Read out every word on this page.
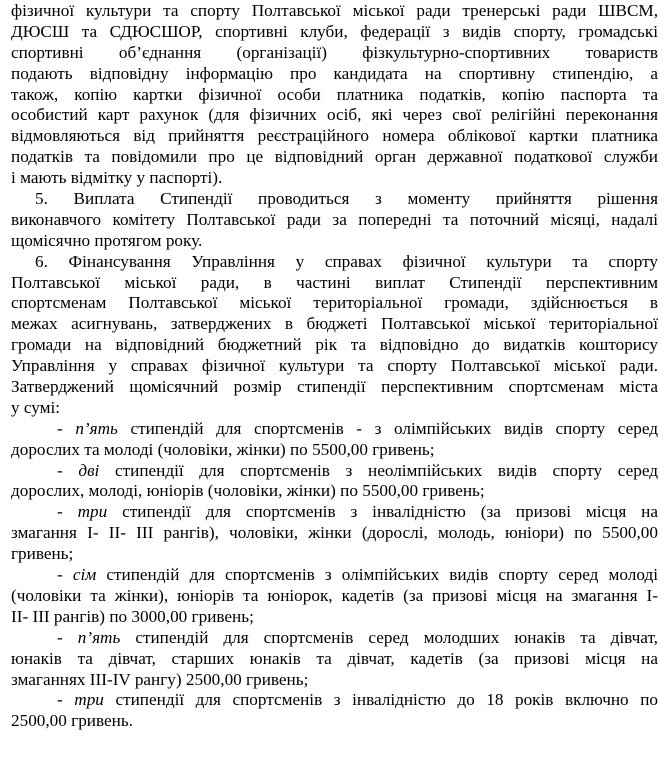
фізичної культури та спорту Полтавської міської ради тренерські ради ШВСМ,
ДЮСШ та СДЮСШОР, спортивні клуби, федерації з видів спорту, громадські
спортивні об’єднання (організації) фізкультурно-спортивних товариств
подають відповідну інформацію про кандидата на спортивну стипендію, а
також, копію картки фізичної особи платника податків, копію паспорта та
особистий карт рахунок (для фізичних осіб, які через свої релігійні переконання
відмовляються від прийняття реєстраційного номера облікової картки платника
податків та повідомили про це відповідний орган державної податкової служби
і мають відмітку у паспорті).
5. Виплата Стипендії проводиться з моменту прийняття рішення
виконавчого комітету Полтавської ради за попередні та поточний місяці, надалі
щомісячно протягом року.
6. Фінансування Управління у справах фізичної культури та спорту
Полтавської міської ради, в частині виплат Стипендії перспективним
спортсменам Полтавської міської територіальної громади, здійснюється в
межах асигнувань, затверджених в бюджеті Полтавської міської територіальної
громади на відповідний бюджетний рік та відповідно до видатків кошторису
Управління у справах фізичної культури та спорту Полтавської міської ради.
Затверджений щомісячний розмір стипендії перспективним спортсменам міста
у сумі:
- п’ять стипендій для спортсменів - з олімпійських видів спорту серед
дорослих та молоді (чоловіки, жінки) по 5500,00 гривень;
- дві стипендії для спортсменів з неолімпійських видів спорту серед
дорослих, молоді, юніорів (чоловіки, жінки) по 5500,00 гривень;
- три стипендії для спортсменів з інвалідністю (за призові місця на
змагання І- ІІ- ІІІ рангів), чоловіки, жінки (дорослі, молодь, юніори) по 5500,00
гривень;
- сім стипендій для спортсменів з олімпійських видів спорту серед молоді
(чоловіки та жінки), юніорів та юніорок, кадетів (за призові місця на змагання І-
ІІ- ІІІ рангів) по 3000,00 гривень;
- п’ять стипендій для спортсменів серед молодших юнаків та дівчат,
юнаків та дівчат, старших юнаків та дівчат, кадетів (за призові місця на
змаганнях ІІІ-IV рангу) 2500,00 гривень;
- три стипендії для спортсменів з інвалідністю до 18 років включно по
2500,00 гривень.
